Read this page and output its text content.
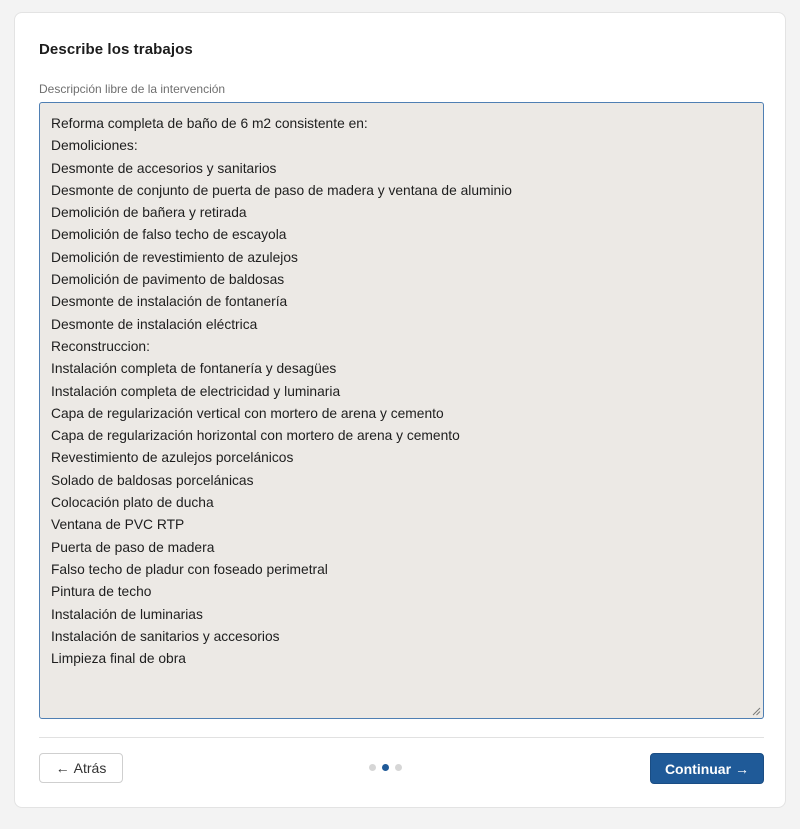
Describe los trabajos
Descripción libre de la intervención
Reforma completa de baño de 6 m2 consistente en:
Demoliciones:
Desmonte de accesorios y sanitarios
Desmonte de conjunto de puerta de paso de madera y ventana de aluminio
Demolición de bañera y retirada
Demolición de falso techo de escayola
Demolición de revestimiento de azulejos
Demolición de pavimento de baldosas
Desmonte de instalación de fontanería
Desmonte de instalación eléctrica
Reconstruccion:
Instalación completa de fontanería y desagües
Instalación completa de electricidad y luminaria
Capa de regularización vertical con mortero de arena y cemento
Capa de regularización horizontal con mortero de arena y cemento
Revestimiento de azulejos porcelánicos
Solado de baldosas porcelánicas
Colocación plato de ducha
Ventana de PVC RTP
Puerta de paso de madera
Falso techo de pladur con foseado perimetral
Pintura de techo
Instalación de luminarias
Instalación de sanitarios y accesorios
Limpieza final de obra
← Atrás	Continuar →
